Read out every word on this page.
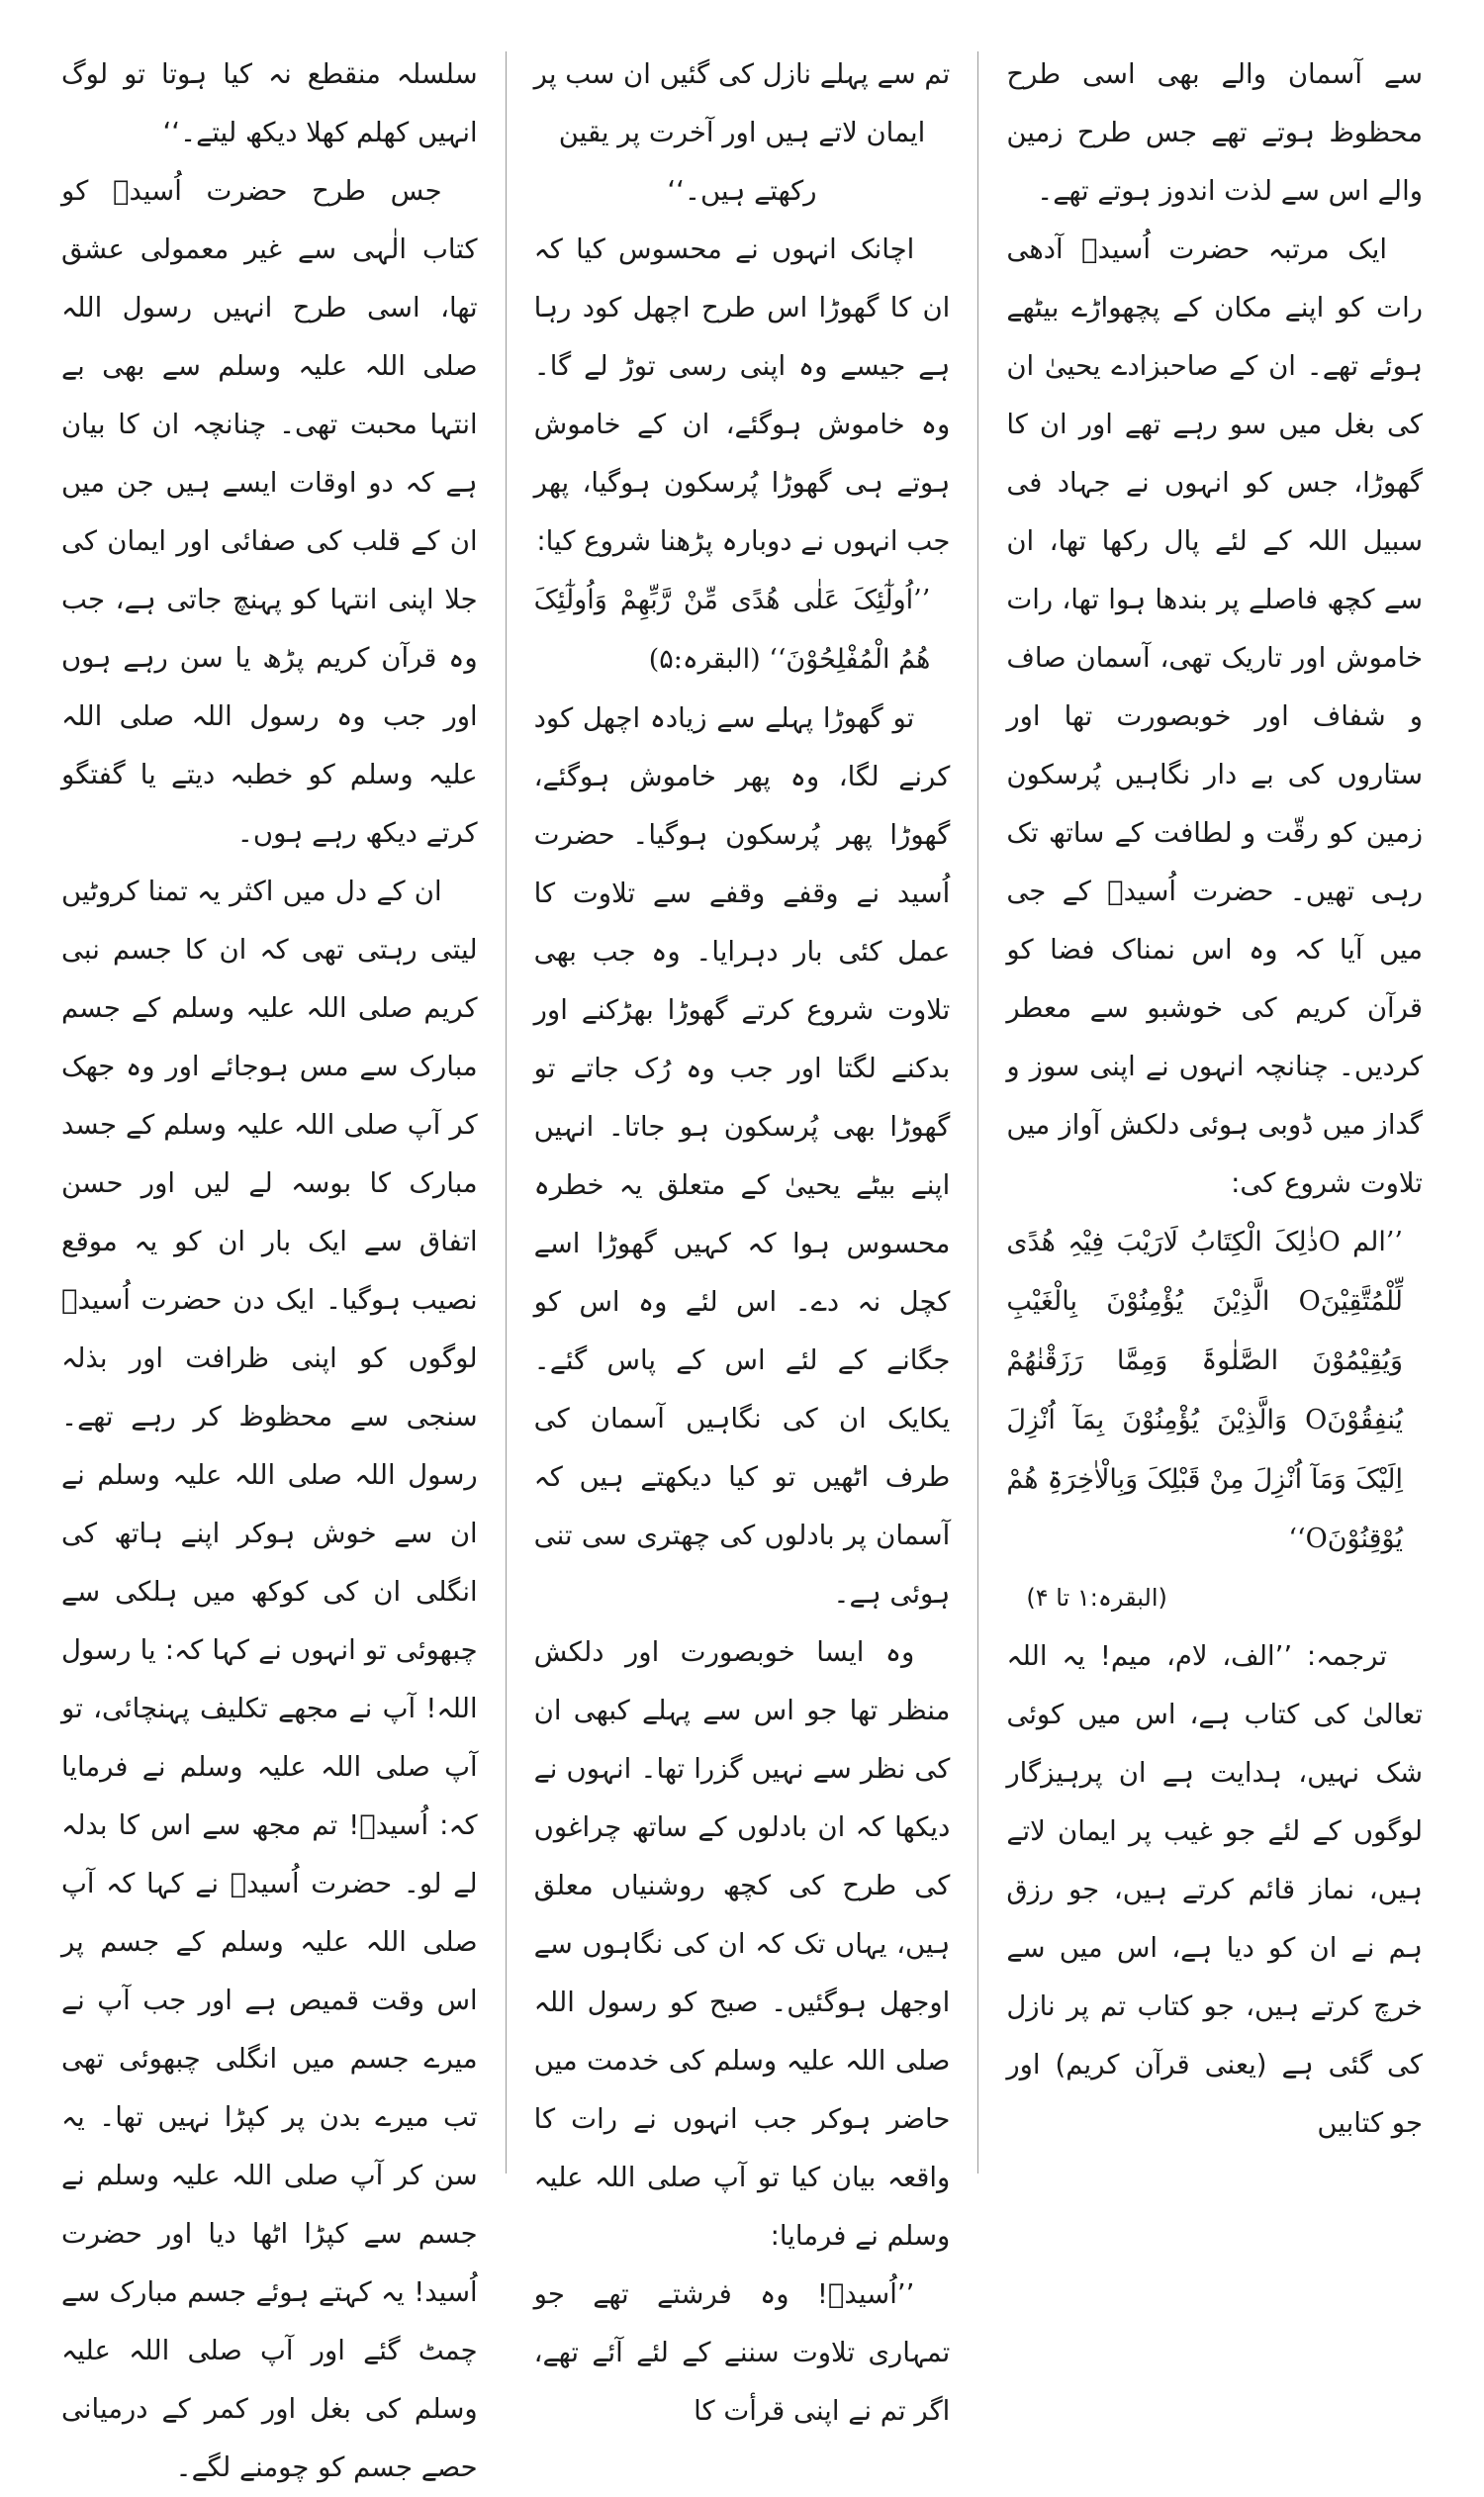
سے آسمان والے بھی اسی طرح محظوظ ہوتے تھے جس طرح زمین والے اس سے لذت اندوز ہوتے تھے۔

ایک مرتبہ حضرت اُسیدؓ آدھی رات کو اپنے مکان کے پچھواڑے بیٹھے ہوئے تھے۔ ان کے صاحبزادے یحییٰ ان کی بغل میں سو رہے تھے اور ان کا گھوڑا، جس کو انہوں نے جہاد فی سبیل اللہ کے لئے پال رکھا تھا، ان سے کچھ فاصلے پر بندھا ہوا تھا، رات خاموش اور تاریک تھی، آسمان صاف و شفاف اور خوبصورت تھا اور ستاروں کی بے دار نگاہیں پُرسکون زمین کو رقّت و لطافت کے ساتھ تک رہی تھیں۔ حضرت اُسیدؓ کے جی میں آیا کہ وہ اس نمناک فضا کو قرآن کریم کی خوشبو سے معطر کردیں۔ چنانچہ انہوں نے اپنی سوز و گداز میں ڈوبی ہوئی دلکش آواز میں تلاوت شروع کی:

’’الم Oذٰلِکَ الْکِتَابُ لَارَیْبَ فِیْہِ ھُدًی لِّلْمُتَّقِیْنَO الَّذِیْنَ یُؤْمِنُوْنَ بِالْغَیْبِ وَیُقِیْمُوْنَ الصَّلٰوۃَ وَمِمَّا رَزَقْنٰھُمْ یُنفِقُوْنَO وَالَّذِیْنَ یُؤْمِنُوْنَ بِمَآ اُنْزِلَ اِلَیْکَ وَمَآ اُنْزِلَ مِنْ قَبْلِکَ وَبِالْاٰخِرَۃِ ھُمْ یُوْقِنُوْنَO‘‘

(البقرہ:۱ تا ۴)

ترجمہ: ’’الف، لام، میم! یہ اللہ تعالیٰ کی کتاب ہے، اس میں کوئی شک نہیں، ہدایت ہے ان پرہیزگار لوگوں کے لئے جو غیب پر ایمان لاتے ہیں، نماز قائم کرتے ہیں، جو رزق ہم نے ان کو دیا ہے، اس میں سے خرچ کرتے ہیں، جو کتاب تم پر نازل کی گئی ہے (یعنی قرآن کریم) اور جو کتابیں

تم سے پہلے نازل کی گئیں ان سب پر ایمان لاتے ہیں اور آخرت پر یقین رکھتے ہیں۔‘‘

اچانک انہوں نے محسوس کیا کہ ان کا گھوڑا اس طرح اچھل کود رہا ہے جیسے وہ اپنی رسی توڑ لے گا۔ وہ خاموش ہوگئے، ان کے خاموش ہوتے ہی گھوڑا پُرسکون ہوگیا، پھر جب انہوں نے دوبارہ پڑھنا شروع کیا:

’’اُولٰٓئِکَ عَلٰی ھُدًی مِّنْ رَّبِّھِمْ وَاُولٰٓئِکَ ھُمُ الْمُفْلِحُوْنَ‘‘ (البقرہ:۵)

تو گھوڑا پہلے سے زیادہ اچھل کود کرنے لگا، وہ پھر خاموش ہوگئے، گھوڑا پھر پُرسکون ہوگیا۔ حضرت اُسید نے وقفے وقفے سے تلاوت کا عمل کئی بار دہرایا۔ وہ جب بھی تلاوت شروع کرتے گھوڑا بھڑکنے اور بدکنے لگتا اور جب وہ رُک جاتے تو گھوڑا بھی پُرسکون ہو جاتا۔ انہیں اپنے بیٹے یحییٰ کے متعلق یہ خطرہ محسوس ہوا کہ کہیں گھوڑا اسے کچل نہ دے۔ اس لئے وہ اس کو جگانے کے لئے اس کے پاس گئے۔ یکایک ان کی نگاہیں آسمان کی طرف اٹھیں تو کیا دیکھتے ہیں کہ آسمان پر بادلوں کی چھتری سی تنی ہوئی ہے۔

وہ ایسا خوبصورت اور دلکش منظر تھا جو اس سے پہلے کبھی ان کی نظر سے نہیں گزرا تھا۔ انہوں نے دیکھا کہ ان بادلوں کے ساتھ چراغوں کی طرح کی کچھ روشنیاں معلق ہیں، یہاں تک کہ ان کی نگاہوں سے اوجھل ہوگئیں۔ صبح کو رسول اللہ صلی اللہ علیہ وسلم کی خدمت میں حاضر ہوکر جب انہوں نے رات کا واقعہ بیان کیا تو آپ صلی اللہ علیہ وسلم نے فرمایا:

’’اُسیدؓ! وہ فرشتے تھے جو تمہاری تلاوت سننے کے لئے آئے تھے، اگر تم نے اپنی قرأت کا

سلسلہ منقطع نہ کیا ہوتا تو لوگ انہیں کھلم کھلا دیکھ لیتے۔‘‘

جس طرح حضرت اُسیدؓ کو کتاب الٰہی سے غیر معمولی عشق تھا، اسی طرح انہیں رسول اللہ صلی اللہ علیہ وسلم سے بھی بے انتہا محبت تھی۔ چنانچہ ان کا بیان ہے کہ دو اوقات ایسے ہیں جن میں ان کے قلب کی صفائی اور ایمان کی جلا اپنی انتہا کو پہنچ جاتی ہے، جب وہ قرآن کریم پڑھ یا سن رہے ہوں اور جب وہ رسول اللہ صلی اللہ علیہ وسلم کو خطبہ دیتے یا گفتگو کرتے دیکھ رہے ہوں۔

ان کے دل میں اکثر یہ تمنا کروٹیں لیتی رہتی تھی کہ ان کا جسم نبی کریم صلی اللہ علیہ وسلم کے جسم مبارک سے مس ہوجائے اور وہ جھک کر آپ صلی اللہ علیہ وسلم کے جسد مبارک کا بوسہ لے لیں اور حسن اتفاق سے ایک بار ان کو یہ موقع نصیب ہوگیا۔ ایک دن حضرت اُسیدؓ لوگوں کو اپنی ظرافت اور بذلہ سنجی سے محظوظ کر رہے تھے۔ رسول اللہ صلی اللہ علیہ وسلم نے ان سے خوش ہوکر اپنے ہاتھ کی انگلی ان کی کوکھ میں ہلکی سے چبھوئی تو انہوں نے کہا کہ: یا رسول اللہ! آپ نے مجھے تکلیف پہنچائی، تو آپ صلی اللہ علیہ وسلم نے فرمایا کہ: اُسیدؓ! تم مجھ سے اس کا بدلہ لے لو۔ حضرت اُسیدؓ نے کہا کہ آپ صلی اللہ علیہ وسلم کے جسم پر اس وقت قمیص ہے اور جب آپ نے میرے جسم میں انگلی چبھوئی تھی تب میرے بدن پر کپڑا نہیں تھا۔ یہ سن کر آپ صلی اللہ علیہ وسلم نے جسم سے کپڑا اٹھا دیا اور حضرت اُسید! یہ کہتے ہوئے جسم مبارک سے چمٹ گئے اور آپ صلی اللہ علیہ وسلم کی بغل اور کمر کے درمیانی حصے جسم کو چومنے لگے۔
